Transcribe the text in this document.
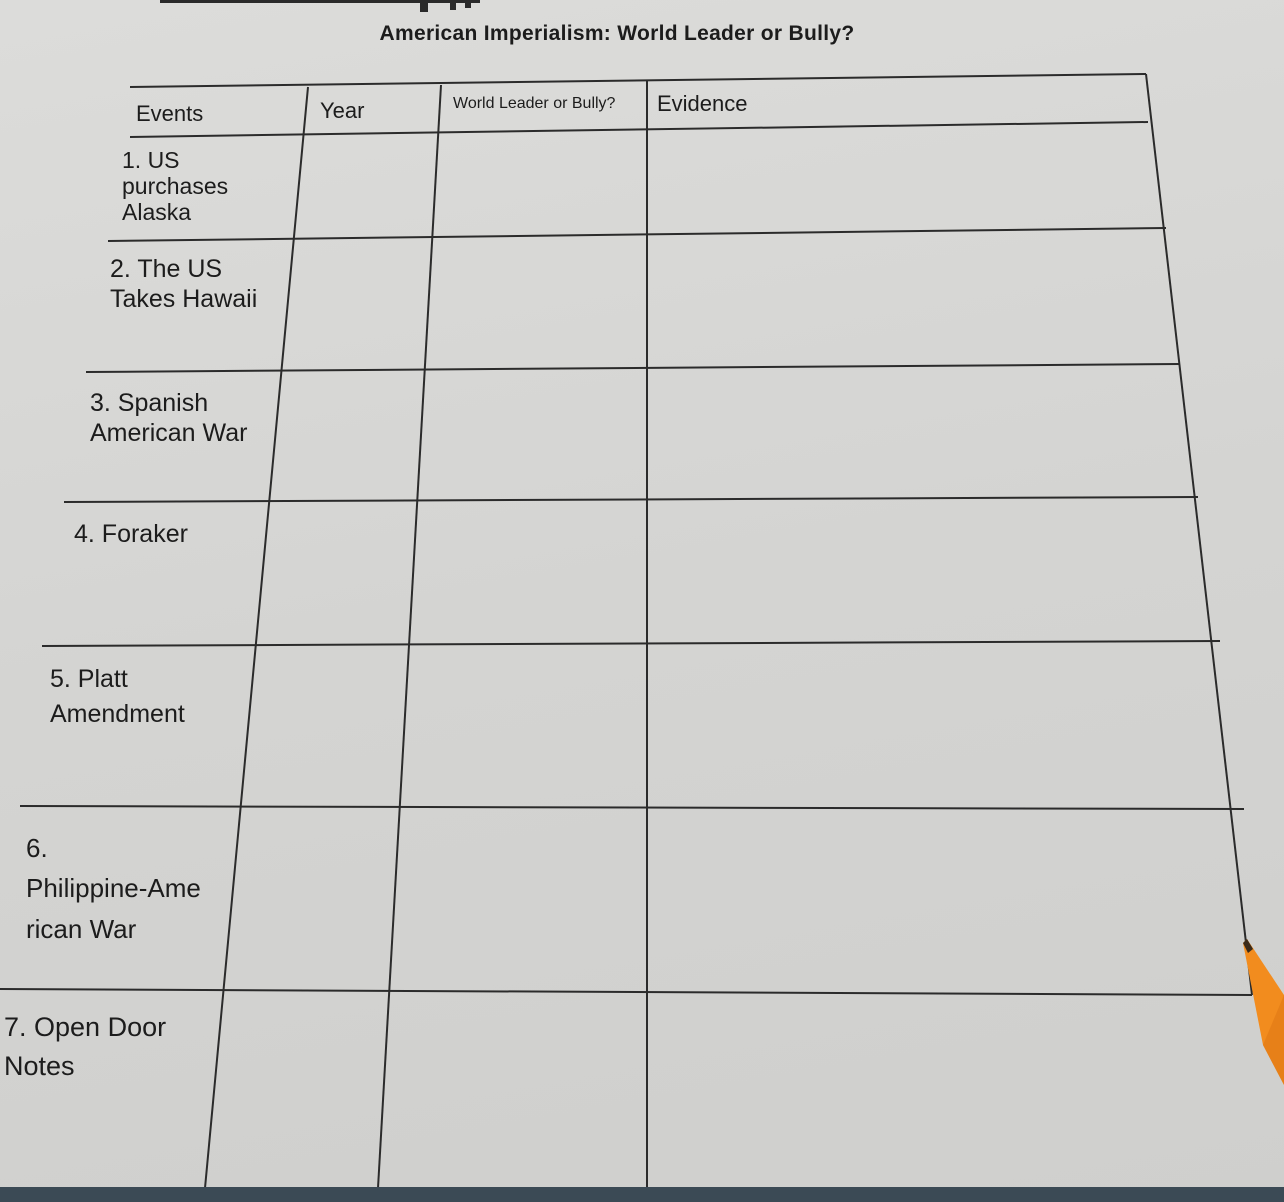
American Imperialism: World Leader or Bully?
Events	Year	World Leader or Bully? Evidence
1. US
purchases
Alaska
2. The US
Takes Hawaii
3. Spanish
American War
4. Foraker
5. Platt
Amendment
6.
Philippine-Ame
rican War
7. Open Door
Notes
